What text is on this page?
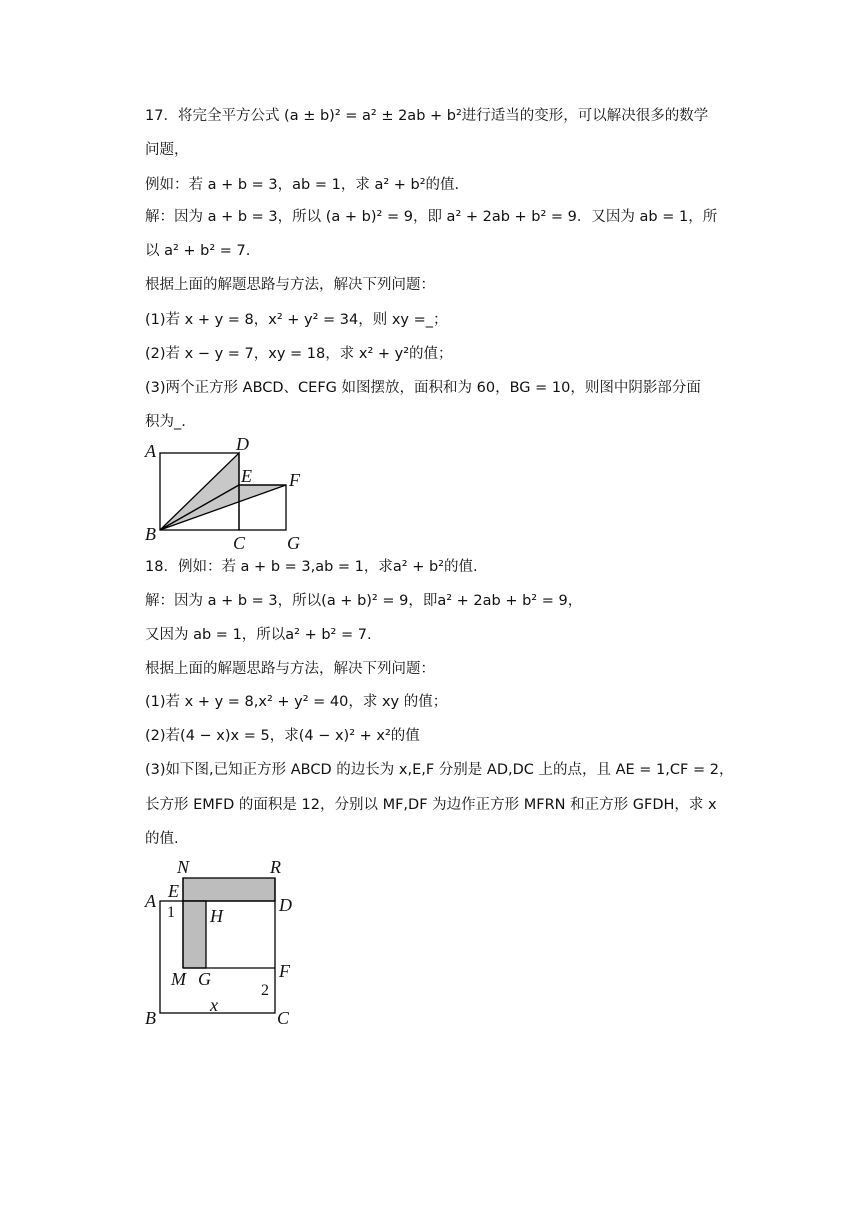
17．将完全平方公式 (a ± b)² = a² ± 2ab + b²进行适当的变形，可以解决很多的数学
问题，
例如：若 a + b = 3，ab = 1，求 a² + b²的值.
解：因为 a + b = 3，所以 (a + b)² = 9，即 a² + 2ab + b² = 9．又因为 ab = 1，所
以 a² + b² = 7.
根据上面的解题思路与方法，解决下列问题：
(1)若 x + y = 8，x² + y² = 34，则 xy =_；
(2)若 x − y = 7，xy = 18，求 x² + y²的值；
(3)两个正方形 ABCD、CEFG 如图摆放，面积和为 60，BG = 10，则图中阴影部分面
积为_.
A	D
E F
B	C G
18．例如：若 a + b = 3,ab = 1，求a² + b²的值.
解：因为 a + b = 3，所以(a + b)² = 9，即a² + 2ab + b² = 9，
又因为 ab = 1，所以a² + b² = 7.
根据上面的解题思路与方法，解决下列问题：
(1)若 x + y = 8,x² + y² = 40，求 xy 的值；
(2)若(4 − x)x = 5，求(4 − x)² + x²的值
(3)如下图,已知正方形 ABCD 的边长为 x,E,F 分别是 AD,DC 上的点，且 AE = 1,CF = 2，
长方形 EMFD 的面积是 12，分别以 MF,DF 为边作正方形 MFRN 和正方形 GFDH，求 x
的值.
N	R
E
A	D
1 H
M G	F
2
x
B	C
